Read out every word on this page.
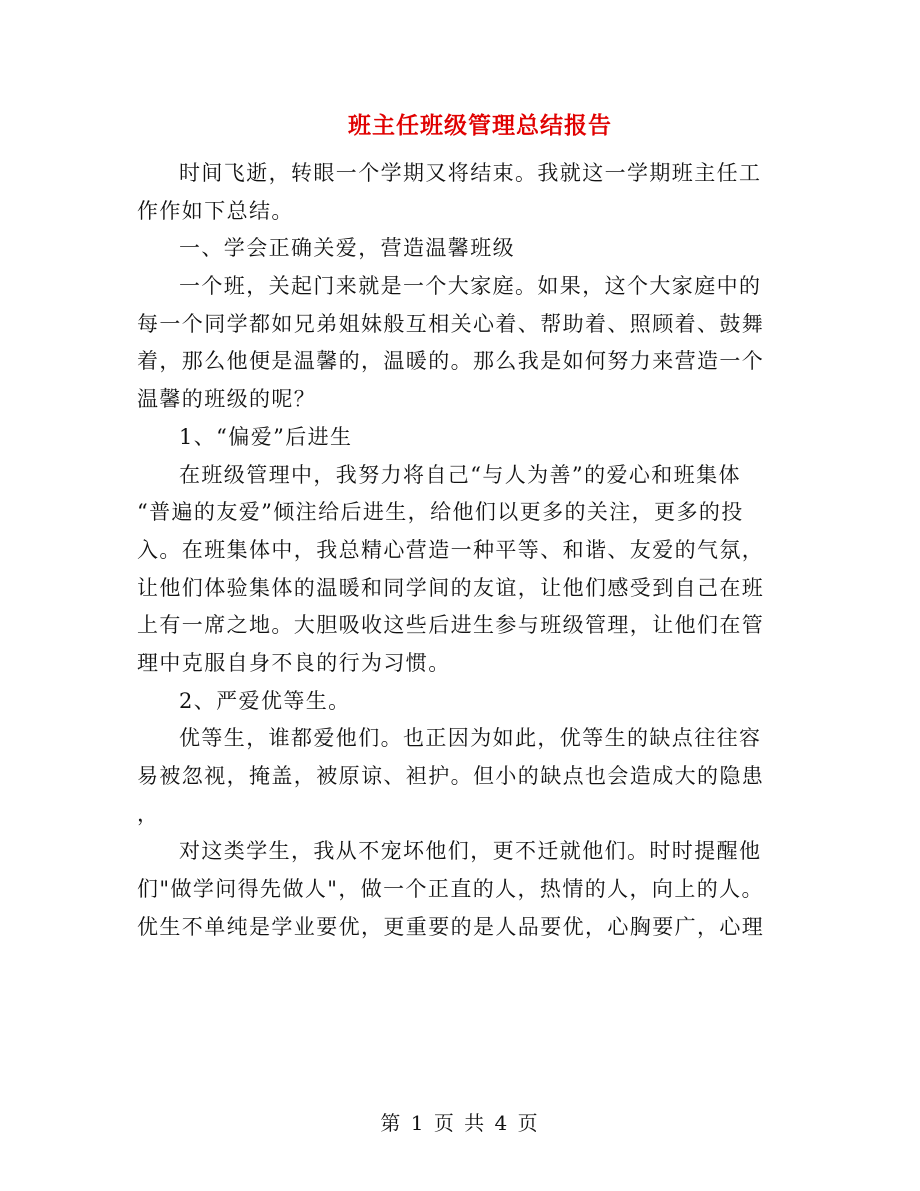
班主任班级管理总结报告
时间飞逝，转眼一个学期又将结束。我就这一学期班主任工
作作如下总结。
一、学会正确关爱，营造温馨班级
一个班，关起门来就是一个大家庭。如果，这个大家庭中的
每一个同学都如兄弟姐妹般互相关心着、帮助着、照顾着、鼓舞
着，那么他便是温馨的，温暖的。那么我是如何努力来营造一个
温馨的班级的呢？
1、“偏爱”后进生
在班级管理中，我努力将自己“与人为善”的爱心和班集体
“普遍的友爱”倾注给后进生，给他们以更多的关注，更多的投
入。在班集体中，我总精心营造一种平等、和谐、友爱的气氛，
让他们体验集体的温暖和同学间的友谊，让他们感受到自己在班
上有一席之地。大胆吸收这些后进生参与班级管理，让他们在管
理中克服自身不良的行为习惯。
2、严爱优等生。
优等生，谁都爱他们。也正因为如此，优等生的缺点往往容
易被忽视，掩盖，被原谅、袒护。但小的缺点也会造成大的隐患
，
对这类学生，我从不宠坏他们，更不迁就他们。时时提醒他
们"做学问得先做人"，做一个正直的人，热情的人，向上的人。
优生不单纯是学业要优，更重要的是人品要优，心胸要广，心理
第 1 页 共 4 页
